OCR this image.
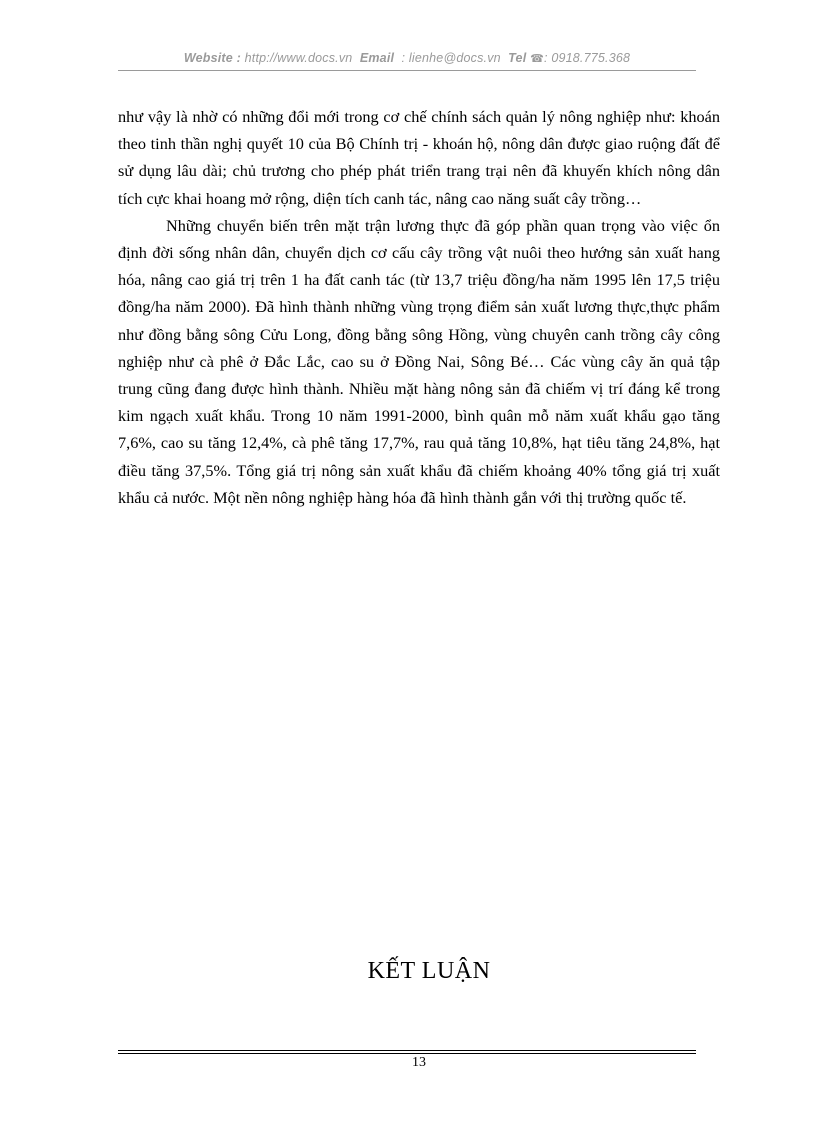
Website : http://www.docs.vn Email : lienhe@docs.vn Tel ☎: 0918.775.368

như vậy là nhờ có những đổi mới trong cơ chế chính sách quản lý nông nghiệp như: khoán theo tinh thần nghị quyết 10 của Bộ Chính trị - khoán hộ, nông dân được giao ruộng đất để sử dụng lâu dài; chủ trương cho phép phát triển trang trại nên đã khuyến khích nông dân tích cực khai hoang mở rộng, diện tích canh tác, nâng cao năng suất cây trồng…

Những chuyển biến trên mặt trận lương thực đã góp phần quan trọng vào việc ổn định đời sống nhân dân, chuyển dịch cơ cấu cây trồng vật nuôi theo hướng sản xuất hang hóa, nâng cao giá trị trên 1 ha đất canh tác (từ 13,7 triệu đồng/ha năm 1995 lên 17,5 triệu đồng/ha năm 2000). Đã hình thành những vùng trọng điểm sản xuất lương thực,thực phẩm như đồng bằng sông Cửu Long, đồng bằng sông Hồng, vùng chuyên canh trồng cây công nghiệp như cà phê ở Đắc Lắc, cao su ở Đồng Nai, Sông Bé… Các vùng cây ăn quả tập trung cũng đang được hình thành. Nhiều mặt hàng nông sản đã chiếm vị trí đáng kể trong kim ngạch xuất khẩu. Trong 10 năm 1991-2000, bình quân mỗ năm xuất khẩu gạo tăng 7,6%, cao su tăng 12,4%, cà phê tăng 17,7%, rau quả tăng 10,8%, hạt tiêu tăng 24,8%, hạt điều tăng 37,5%. Tổng giá trị nông sản xuất khẩu đã chiếm khoảng 40% tổng giá trị xuất khẩu cả nước. Một nền nông nghiệp hàng hóa đã hình thành gắn với thị trường quốc tế.

KẾT LUẬN
13
